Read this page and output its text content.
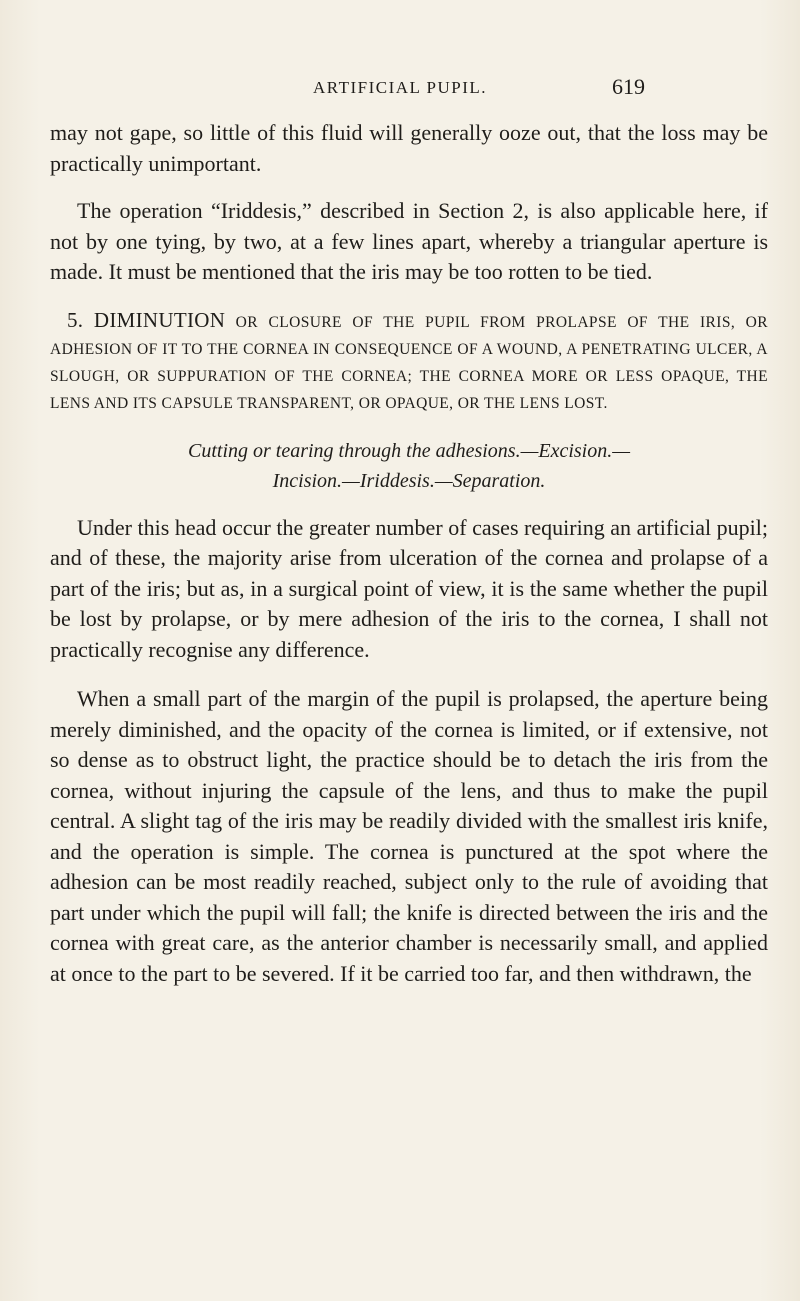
ARTIFICIAL PUPIL.	619

may not gape, so little of this fluid will generally ooze out, that the loss may be practically unimportant.

The operation “Iriddesis,” described in Section 2, is also applicable here, if not by one tying, by two, at a few lines apart, whereby a triangular aperture is made. It must be mentioned that the iris may be too rotten to be tied.

5. DIMINUTION OR CLOSURE OF THE PUPIL FROM PROLAPSE OF THE IRIS, OR ADHESION OF IT TO THE CORNEA IN CONSEQUENCE OF A WOUND, A PENETRATING ULCER, A SLOUGH, OR SUPPURATION OF THE CORNEA; THE CORNEA MORE OR LESS OPAQUE, THE LENS AND ITS CAPSULE TRANSPARENT, OR OPAQUE, OR THE LENS LOST.

Cutting or tearing through the adhesions.—Excision.—
Incision.—Iriddesis.—Separation.

Under this head occur the greater number of cases requiring an artificial pupil; and of these, the majority arise from ulceration of the cornea and prolapse of a part of the iris; but as, in a surgical point of view, it is the same whether the pupil be lost by prolapse, or by mere adhesion of the iris to the cornea, I shall not practically recognise any difference.

When a small part of the margin of the pupil is prolapsed, the aperture being merely diminished, and the opacity of the cornea is limited, or if extensive, not so dense as to obstruct light, the practice should be to detach the iris from the cornea, without injuring the capsule of the lens, and thus to make the pupil central. A slight tag of the iris may be readily divided with the smallest iris knife, and the operation is simple. The cornea is punctured at the spot where the adhesion can be most readily reached, subject only to the rule of avoiding that part under which the pupil will fall; the knife is directed between the iris and the cornea with great care, as the anterior chamber is necessarily small, and applied at once to the part to be severed. If it be carried too far, and then withdrawn, the
